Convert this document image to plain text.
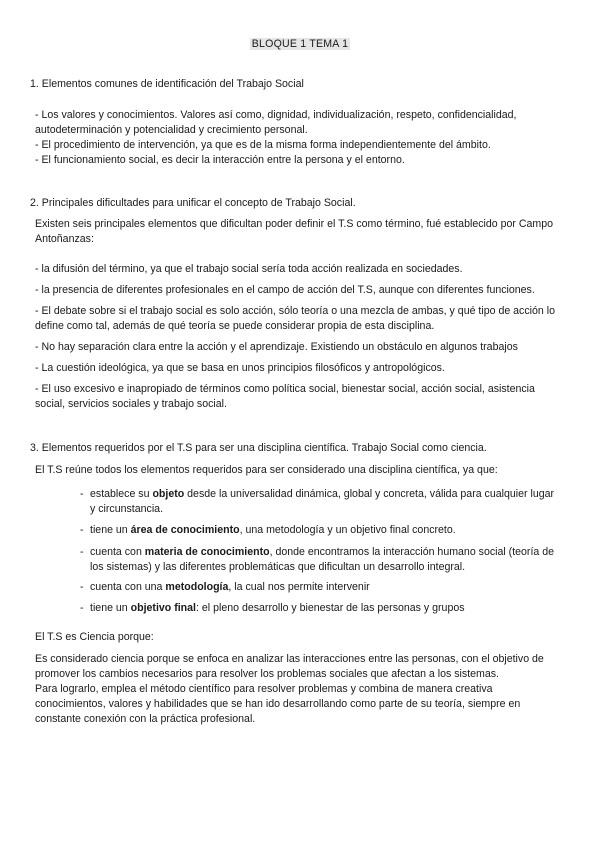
BLOQUE 1 TEMA 1
1. Elementos comunes de identificación del Trabajo Social
- Los valores y conocimientos. Valores así como, dignidad, individualización, respeto, confidencialidad, autodeterminación y potencialidad y crecimiento personal.
- El procedimiento de intervención, ya que es de la misma forma independientemente del ámbito.
- El funcionamiento social, es decir la interacción entre la persona y el entorno.
2. Principales dificultades para unificar el concepto de Trabajo Social.
Existen seis principales elementos que dificultan poder definir el T.S como término, fué establecido por Campo Antoñanzas:
- la difusión del término, ya que el trabajo social sería toda acción realizada en sociedades.
- la presencia de diferentes profesionales en el campo de acción del T.S, aunque con diferentes funciones.
- El debate sobre si el trabajo social es solo acción, sólo teoría o una mezcla de ambas, y qué tipo de acción lo define como tal, además de qué teoría se puede considerar propia de esta disciplina.
- No hay separación clara entre la acción y el aprendizaje. Existiendo un obstáculo en algunos trabajos
- La cuestión ideológica, ya que se basa en unos principios filosóficos y antropológicos.
- El uso excesivo e inapropiado de términos como política social, bienestar social, acción social, asistencia social, servicios sociales y trabajo social.
3. Elementos requeridos por el T.S para ser una disciplina científica. Trabajo Social como ciencia.
El T.S reúne todos los elementos requeridos para ser considerado una disciplina científica, ya que:
- establece su objeto desde la universalidad dinámica, global y concreta, válida para cualquier lugar y circunstancia.
- tiene un área de conocimiento, una metodología y un objetivo final concreto.
- cuenta con materia de conocimiento, donde encontramos la interacción humano social (teoría de los sistemas) y las diferentes problemáticas que dificultan un desarrollo integral.
- cuenta con una metodología, la cual nos permite intervenir
- tiene un objetivo final: el pleno desarrollo y bienestar de las personas y grupos
El T.S es Ciencia porque:
Es considerado ciencia porque se enfoca en analizar las interacciones entre las personas, con el objetivo de promover los cambios necesarios para resolver los problemas sociales que afectan a los sistemas.
Para lograrlo, emplea el método científico para resolver problemas y combina de manera creativa conocimientos, valores y habilidades que se han ido desarrollando como parte de su teoría, siempre en constante conexión con la práctica profesional.
